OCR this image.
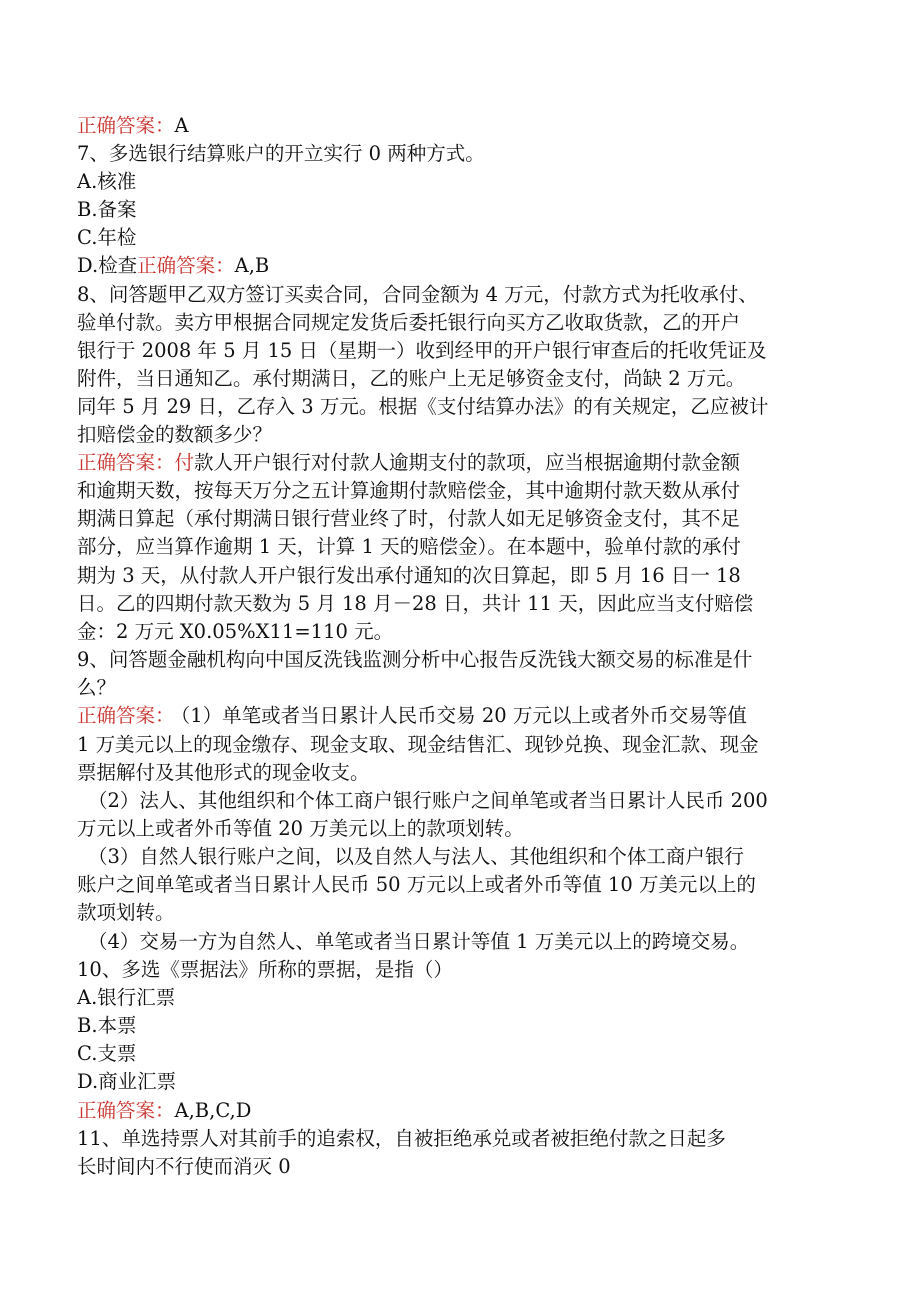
正确答案：A
7、多选银行结算账户的开立实行 0 两种方式。
A.核准
B.备案
C.年检
D.检查正确答案：A,B
8、问答题甲乙双方签订买卖合同，合同金额为 4 万元，付款方式为托收承付、
验单付款。卖方甲根据合同规定发货后委托银行向买方乙收取货款，乙的开户
银行于 2008 年 5 月 15 日（星期一）收到经甲的开户银行审查后的托收凭证及
附件，当日通知乙。承付期满日，乙的账户上无足够资金支付，尚缺 2 万元。
同年 5 月 29 日，乙存入 3 万元。根据《支付结算办法》的有关规定，乙应被计
扣赔偿金的数额多少？
正确答案：付款人开户银行对付款人逾期支付的款项，应当根据逾期付款金额
和逾期天数，按每天万分之五计算逾期付款赔偿金，其中逾期付款天数从承付
期满日算起（承付期满日银行营业终了时，付款人如无足够资金支付，其不足
部分，应当算作逾期 1 天，计算 1 天的赔偿金）。在本题中，验单付款的承付
期为 3 天，从付款人开户银行发出承付通知的次日算起，即 5 月 16 日一 18
日。乙的四期付款天数为 5 月 18 月－28 日，共计 11 天，因此应当支付赔偿
金：2 万元 X0.05%X11=110 元。
9、问答题金融机构向中国反洗钱监测分析中心报告反洗钱大额交易的标准是什
么？
正确答案： （1）单笔或者当日累计人民币交易 20 万元以上或者外币交易等值
1 万美元以上的现金缴存、现金支取、现金结售汇、现钞兑换、现金汇款、现金
票据解付及其他形式的现金收支。
（2）法人、其他组织和个体工商户银行账户之间单笔或者当日累计人民币 200
万元以上或者外币等值 20 万美元以上的款项划转。
（3）自然人银行账户之间，以及自然人与法人、其他组织和个体工商户银行
账户之间单笔或者当日累计人民币 50 万元以上或者外币等值 10 万美元以上的
款项划转。
（4）交易一方为自然人、单笔或者当日累计等值 1 万美元以上的跨境交易。
10、多选《票据法》所称的票据，是指（）
A.银行汇票
B.本票
C.支票
D.商业汇票
正确答案：A,B,C,D
11、单选持票人对其前手的追索权，自被拒绝承兑或者被拒绝付款之日起多
长时间内不行使而消灭 0
